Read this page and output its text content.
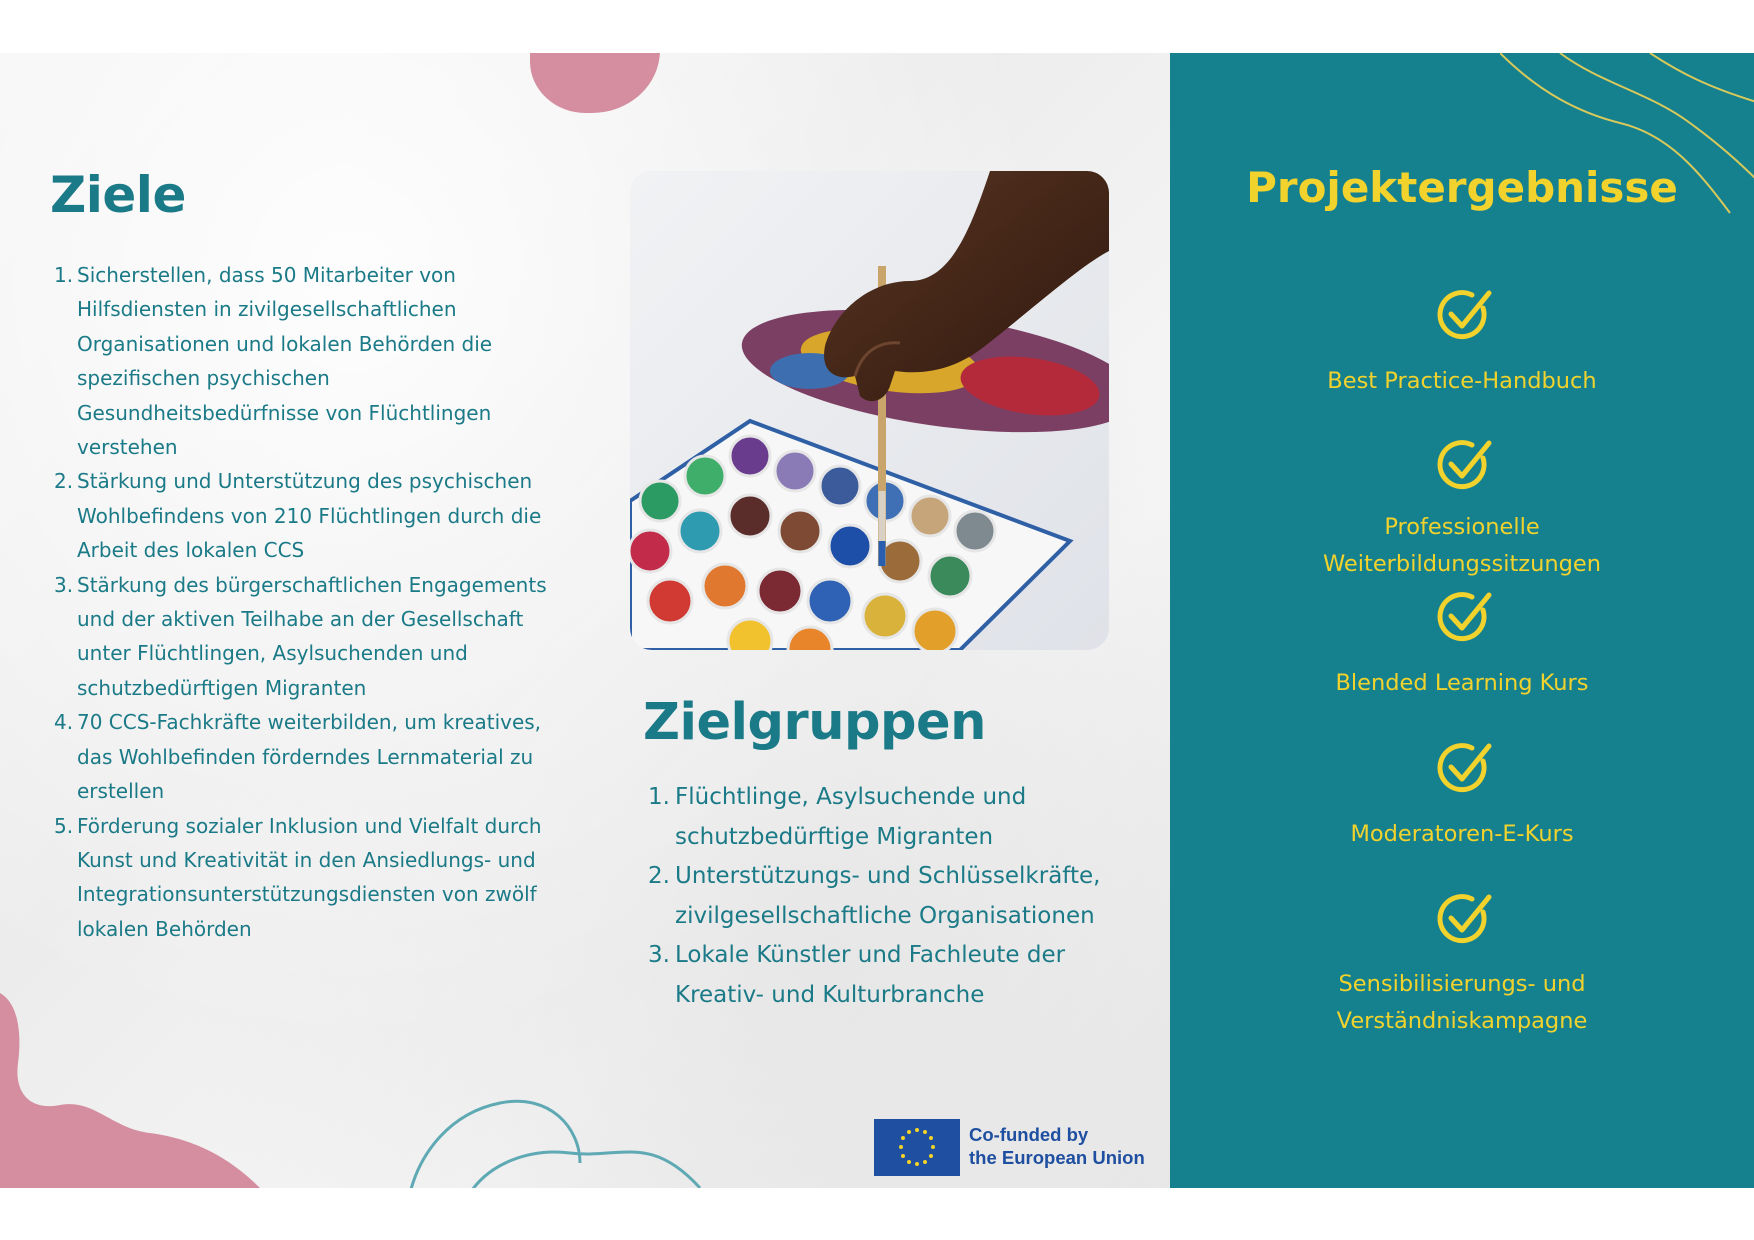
Ziele
1. Sicherstellen, dass 50 Mitarbeiter von Hilfsdiensten in zivilgesellschaftlichen Organisationen und lokalen Behörden die spezifischen psychischen Gesundheitsbedürfnisse von Flüchtlingen verstehen
2. Stärkung und Unterstützung des psychischen Wohlbefindens von 210 Flüchtlingen durch die Arbeit des lokalen CCS
3. Stärkung des bürgerschaftlichen Engagements und der aktiven Teilhabe an der Gesellschaft unter Flüchtlingen, Asylsuchenden und schutzbedürftigen Migranten
4. 70 CCS-Fachkräfte weiterbilden, um kreatives, das Wohlbefinden förderndes Lernmaterial zu erstellen
5. Förderung sozialer Inklusion und Vielfalt durch Kunst und Kreativität in den Ansiedlungs- und Integrationsunterstützungsdiensten von zwölf lokalen Behörden
Zielgruppen
1. Flüchtlinge, Asylsuchende und schutzbedürftige Migranten
2. Unterstützungs- und Schlüsselkräfte, zivilgesellschaftliche Organisationen
3. Lokale Künstler und Fachleute der Kreativ- und Kulturbranche
Co-funded by
the European Union
Projektergebnisse
Best Practice-Handbuch
Professionelle
Weiterbildungssitzungen
Blended Learning Kurs
Moderatoren-E-Kurs
Sensibilisierungs- und
Verständniskampagne
